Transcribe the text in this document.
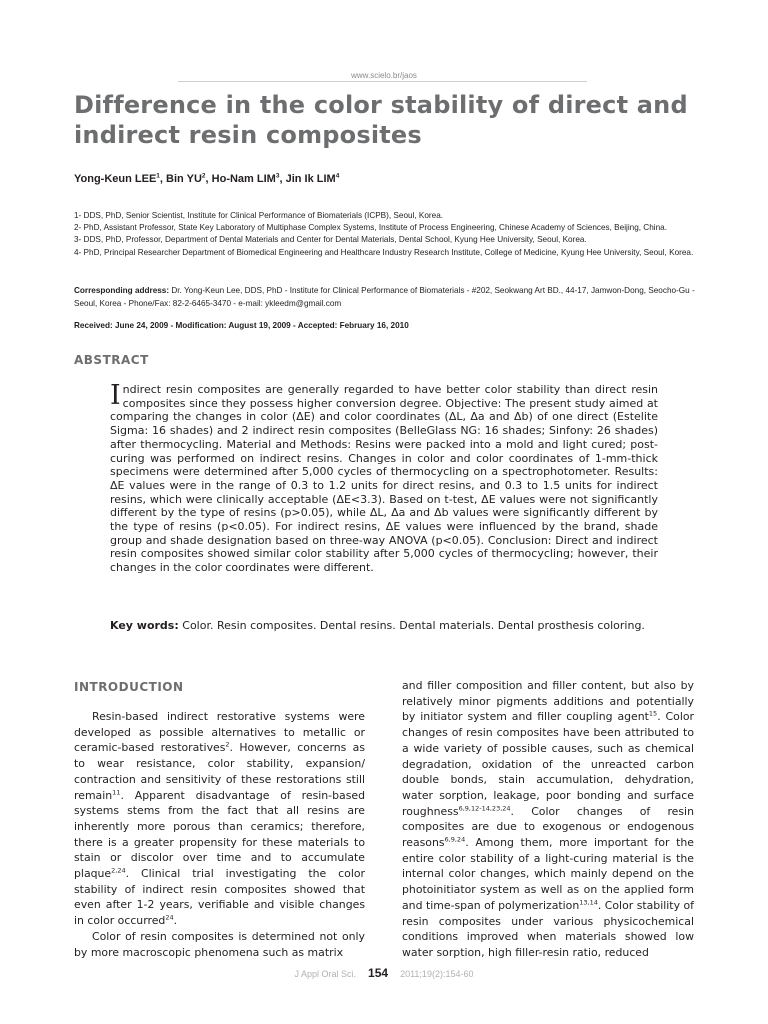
www.scielo.br/jaos
Difference in the color stability of direct and indirect resin composites
Yong-Keun LEE$^1$, Bin $YU^2$, Ho-Nam LIM$^3$, Jin Ik LIM$^4$
1- DDS, PhD, Senior Scientist, Institute for Clinical Performance of Biomaterials (ICPB), Seoul, Korea.
2- PhD, Assistant Professor, State Key Laboratory of Multiphase Complex Systems, Institute of Process Engineering, Chinese Academy of Sciences, Beijing, China.
3- DDS, PhD, Professor, Department of Dental Materials and Center for Dental Materials, Dental School, Kyung Hee University, Seoul, Korea.
4- PhD, Principal Researcher Department of Biomedical Engineering and Healthcare Industry Research Institute, College of Medicine, Kyung Hee University, Seoul, Korea.
Corresponding address: Dr. Yong-Keun Lee, DDS, PhD - Institute for Clinical Performance of Biomaterials - #202, Seokwang Art BD., 44-17, Jamwon-Dong, Seocho-Gu - Seoul, Korea - Phone/Fax: 82-2-6465-3470 - e-mail: ykleedm@gmail.com
Received: June 24, 2009 - Modification: August 19, 2009 - Accepted: February 16, 2010
ABSTRACT
Indirect resin composites are generally regarded to have better color stability than direct resin composites since they possess higher conversion degree. Objective: The present study aimed at comparing the changes in color (ΔE) and color coordinates (ΔL, Δa and Δb) of one direct (Estelite Sigma: 16 shades) and 2 indirect resin composites (BelleGlass NG: 16 shades; Sinfony: 26 shades) after thermocycling. Material and Methods: Resins were packed into a mold and light cured; post-curing was performed on indirect resins. Changes in color and color coordinates of 1-mm-thick specimens were determined after 5,000 cycles of thermocycling on a spectrophotometer. Results: ΔE values were in the range of 0.3 to 1.2 units for direct resins, and 0.3 to 1.5 units for indirect resins, which were clinically acceptable (ΔE<3.3). Based on t-test, ΔE values were not significantly different by the type of resins (p>0.05), while ΔL, Δa and Δb values were significantly different by the type of resins (p<0.05). For indirect resins, ΔE values were influenced by the brand, shade group and shade designation based on three-way ANOVA (p<0.05). Conclusion: Direct and indirect resin composites showed similar color stability after 5,000 cycles of thermocycling; however, their changes in the color coordinates were different.
Key words: Color. Resin composites. Dental resins. Dental materials. Dental prosthesis coloring.
INTRODUCTION

Resin-based indirect restorative systems were developed as possible alternatives to metallic or ceramic-based restoratives$^2$. However, concerns as to wear resistance, color stability, expansion/ contraction and sensitivity of these restorations still remain$^{11}$. Apparent disadvantage of resin-based systems stems from the fact that all resins are inherently more porous than ceramics; therefore, there is a greater propensity for these materials to stain or discolor over time and to accumulate plaque$^{2,24}$. Clinical trial investigating the color stability of indirect resin composites showed that even after 1-2 years, verifiable and visible changes in color occurred$^{24}$.

Color of resin composites is determined not only by more macroscopic phenomena such as matrix

and filler composition and filler content, but also by relatively minor pigments additions and potentially by initiator system and filler coupling agent$^{15}$. Color changes of resin composites have been attributed to a wide variety of possible causes, such as chemical degradation, oxidation of the unreacted carbon double bonds, stain accumulation, dehydration, water sorption, leakage, poor bonding and surface roughness$^{6,9,12-14,23,24}$. Color changes of resin composites are due to exogenous or endogenous reasons$^{6,9,24}$. Among them, more important for the entire color stability of a light-curing material is the internal color changes, which mainly depend on the photoinitiator system as well as on the applied form and time-span of polymerization$^{13,14}$. Color stability of resin composites under various physicochemical conditions improved when materials showed low water sorption, high filler-resin ratio, reduced

J Appl Oral Sci. 154 2011;19(2):154-60
